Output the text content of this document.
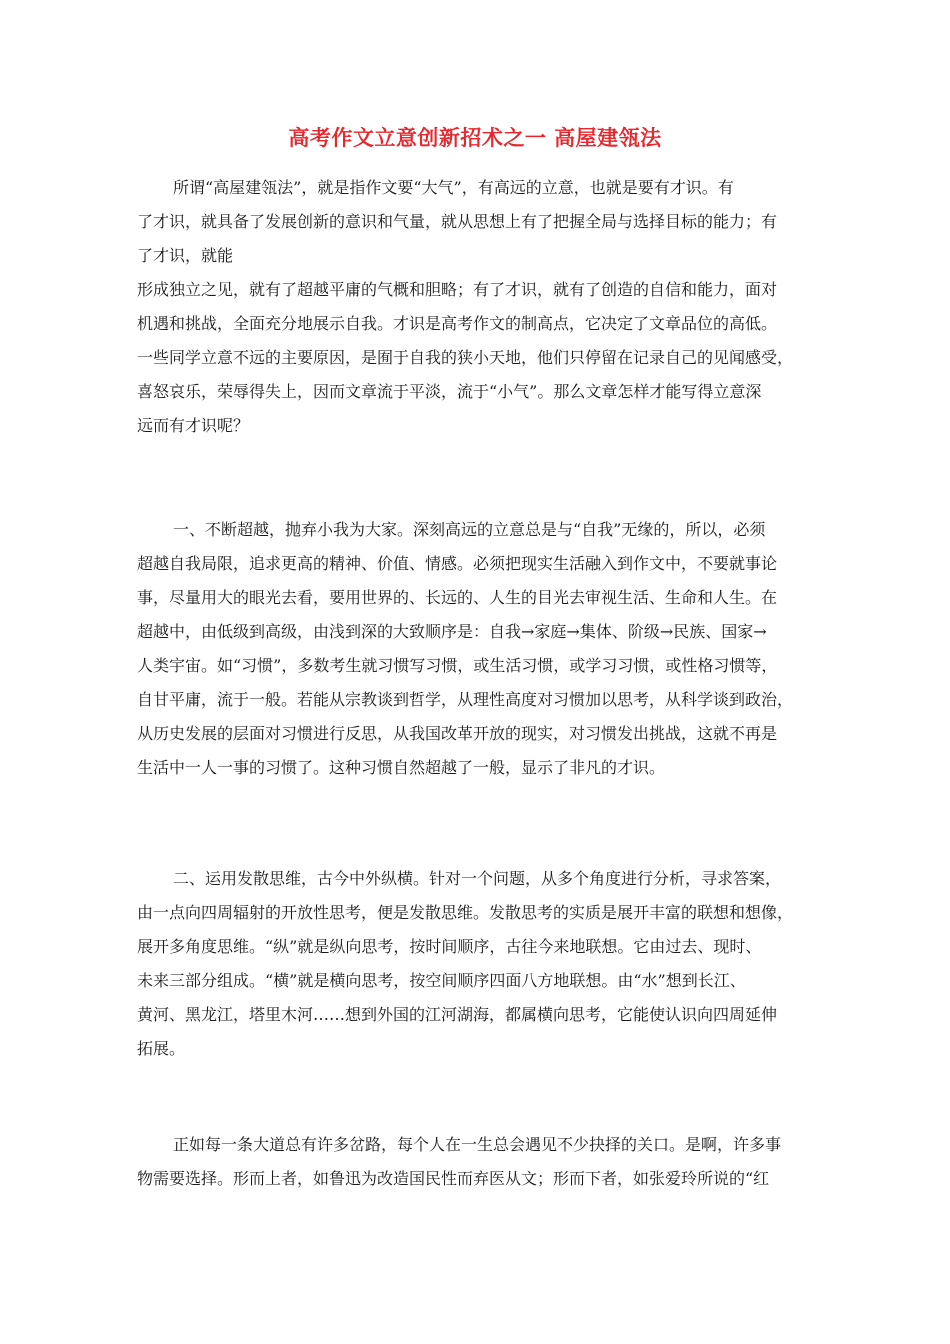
高考作文立意创新招术之一 高屋建瓴法
所谓“高屋建瓴法”，就是指作文要“大气”，有高远的立意，也就是要有才识。有
了才识，就具备了发展创新的意识和气量，就从思想上有了把握全局与选择目标的能力；有
了才识，就能
形成独立之见，就有了超越平庸的气概和胆略；有了才识，就有了创造的自信和能力，面对
机遇和挑战，全面充分地展示自我。才识是高考作文的制高点，它决定了文章品位的高低。
一些同学立意不远的主要原因，是囿于自我的狭小天地，他们只停留在记录自己的见闻感受，
喜怒哀乐，荣辱得失上，因而文章流于平淡，流于“小气”。那么文章怎样才能写得立意深
远而有才识呢？
一、不断超越，抛弃小我为大家。深刻高远的立意总是与“自我”无缘的，所以，必须
超越自我局限，追求更高的精神、价值、情感。必须把现实生活融入到作文中，不要就事论
事，尽量用大的眼光去看，要用世界的、长远的、人生的目光去审视生活、生命和人生。在
超越中，由低级到高级，由浅到深的大致顺序是：自我→家庭→集体、阶级→民族、国家→
人类宇宙。如“习惯”，多数考生就习惯写习惯，或生活习惯，或学习习惯，或性格习惯等，
自甘平庸，流于一般。若能从宗教谈到哲学，从理性高度对习惯加以思考，从科学谈到政治，
从历史发展的层面对习惯进行反思，从我国改革开放的现实，对习惯发出挑战，这就不再是
生活中一人一事的习惯了。这种习惯自然超越了一般，显示了非凡的才识。
二、运用发散思维，古今中外纵横。针对一个问题，从多个角度进行分析，寻求答案，
由一点向四周辐射的开放性思考，便是发散思维。发散思考的实质是展开丰富的联想和想像，
展开多角度思维。“纵”就是纵向思考，按时间顺序，古往今来地联想。它由过去、现时、
未来三部分组成。“横”就是横向思考，按空间顺序四面八方地联想。由“水”想到长江、
黄河、黑龙江，塔里木河……想到外国的江河湖海，都属横向思考，它能使认识向四周延伸
拓展。
正如每一条大道总有许多岔路，每个人在一生总会遇见不少抉择的关口。是啊，许多事
物需要选择。形而上者，如鲁迅为改造国民性而弃医从文；形而下者，如张爱玲所说的“红
